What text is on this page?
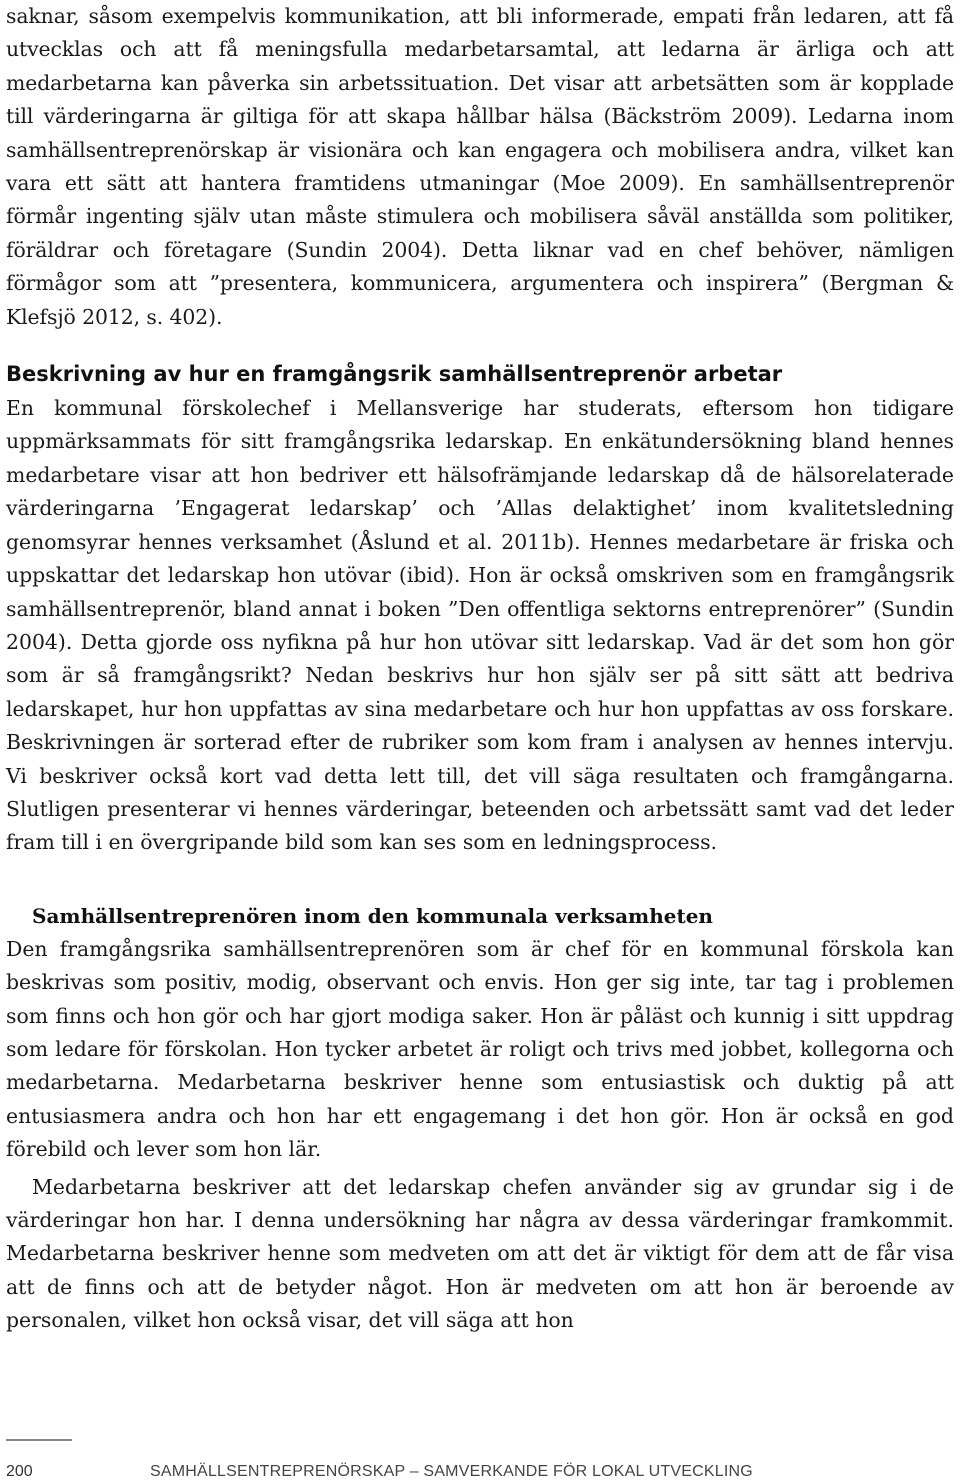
saknar, såsom exempelvis kommunikation, att bli informerade, empati från ledaren, att få utvecklas och att få meningsfulla medarbetarsamtal, att ledarna är ärliga och att medarbetarna kan påverka sin arbetssituation. Det visar att arbetsätten som är kopplade till värderingarna är giltiga för att skapa hållbar hälsa (Bäckström 2009). Ledarna inom samhällsentreprenörskap är visionära och kan engagera och mobilisera andra, vilket kan vara ett sätt att hantera framtidens utmaningar (Moe 2009). En samhällsentreprenör förmår ingenting själv utan måste stimulera och mobilisera såväl anställda som politiker, föräldrar och företagare (Sundin 2004). Detta liknar vad en chef behöver, nämligen förmågor som att ”presentera, kommunicera, argumentera och inspirera” (Bergman & Klefsjö 2012, s. 402).

Beskrivning av hur en framgångsrik samhällsentreprenör arbetar

En kommunal förskolechef i Mellansverige har studerats, eftersom hon tidigare uppmärksammats för sitt framgångsrika ledarskap. En enkätundersökning bland hennes medarbetare visar att hon bedriver ett hälsofrämjande ledarskap då de hälsorelaterade värderingarna ’Engagerat ledarskap’ och ’Allas delaktighet’ inom kvalitetsledning genomsyrar hennes verksamhet (Åslund et al. 2011b). Hennes medarbetare är friska och uppskattar det ledarskap hon utövar (ibid). Hon är också omskriven som en framgångsrik samhällsentreprenör, bland annat i boken ”Den offentliga sektorns entreprenörer” (Sundin 2004). Detta gjorde oss nyfikna på hur hon utövar sitt ledarskap. Vad är det som hon gör som är så framgångsrikt? Nedan beskrivs hur hon själv ser på sitt sätt att bedriva ledarskapet, hur hon uppfattas av sina medarbetare och hur hon uppfattas av oss forskare. Beskrivningen är sorterad efter de rubriker som kom fram i analysen av hennes intervju. Vi beskriver också kort vad detta lett till, det vill säga resultaten och framgångarna. Slutligen presenterar vi hennes värderingar, beteenden och arbetssätt samt vad det leder fram till i en övergripande bild som kan ses som en ledningsprocess.

Samhällsentreprenören inom den kommunala verksamheten

Den framgångsrika samhällsentreprenören som är chef för en kommunal förskola kan beskrivas som positiv, modig, observant och envis. Hon ger sig inte, tar tag i problemen som finns och hon gör och har gjort modiga saker. Hon är påläst och kunnig i sitt uppdrag som ledare för förskolan. Hon tycker arbetet är roligt och trivs med jobbet, kollegorna och medarbetarna. Medarbetarna beskriver henne som entusiastisk och duktig på att entusiasmera andra och hon har ett engagemang i det hon gör. Hon är också en god förebild och lever som hon lär.

Medarbetarna beskriver att det ledarskap chefen använder sig av grundar sig i de värderingar hon har. I denna undersökning har några av dessa värderingar framkommit. Medarbetarna beskriver henne som medveten om att det är viktigt för dem att de får visa att de finns och att de betyder något. Hon är medveten om att hon är beroende av personalen, vilket hon också visar, det vill säga att hon

200	SAMHÄLLSENTREPRENÖRSKAP – SAMVERKANDE FÖR LOKAL UTVECKLING
